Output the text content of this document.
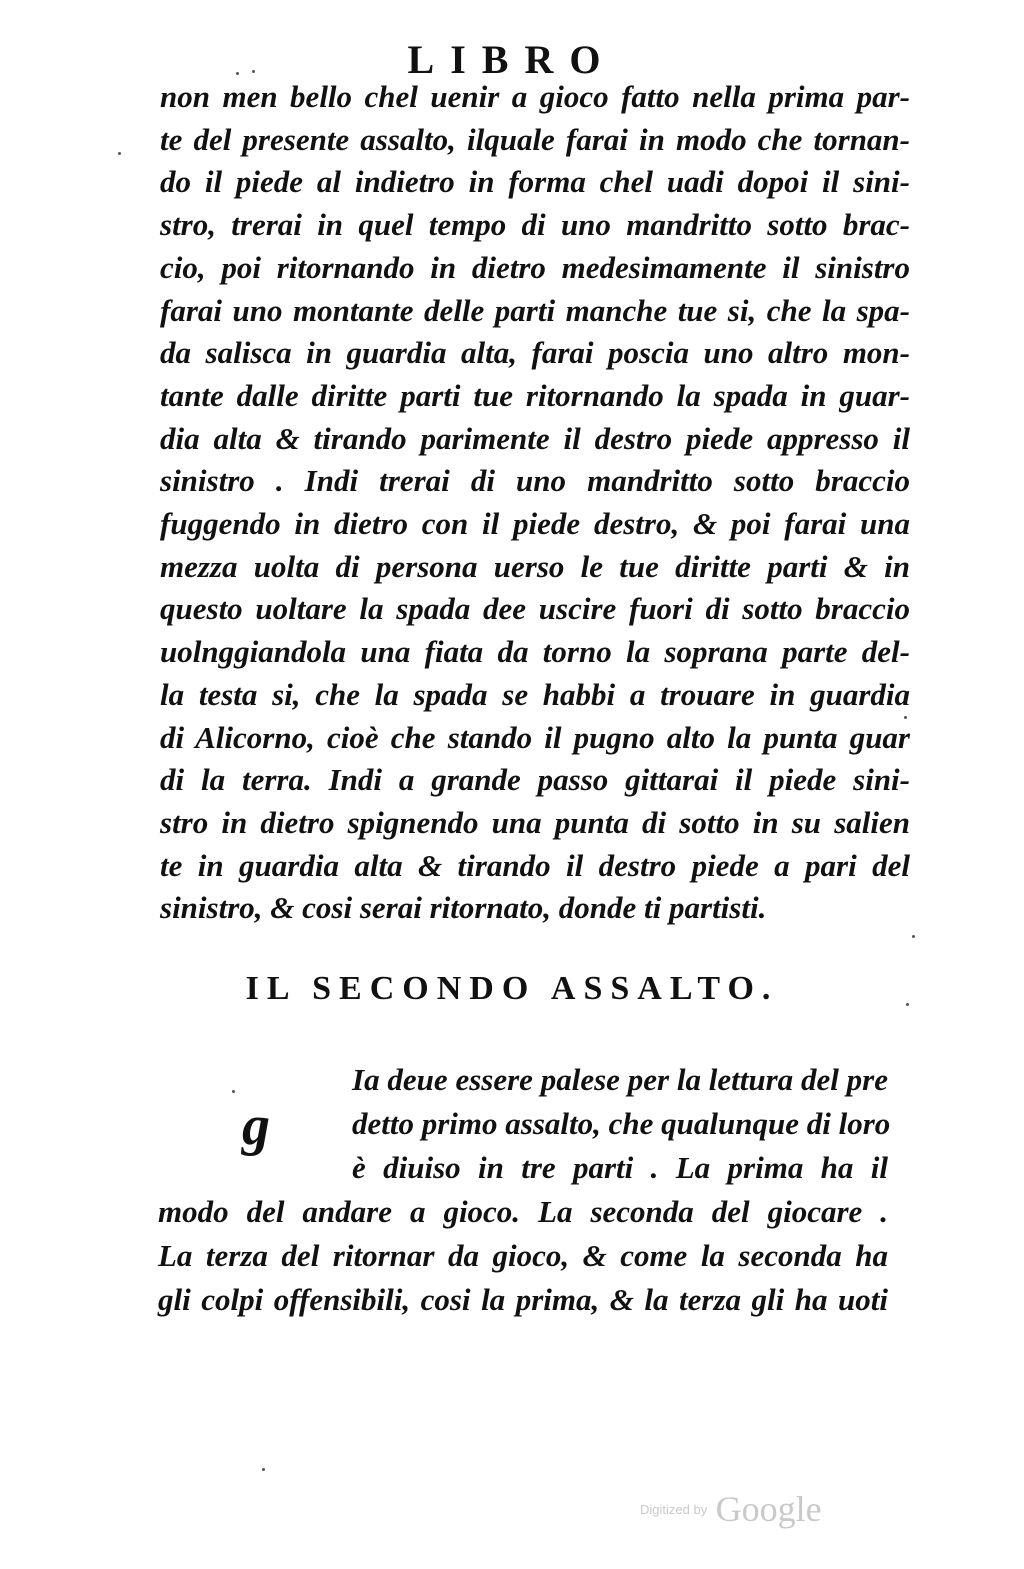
LIBRO
non men bello chel uenir a gioco fatto nella prima par-
te del presente assalto, ilquale farai in modo che tornan-
do il piede al indietro in forma chel uadi dopoi il sini-
stro, trerai in quel tempo di uno mandritto sotto brac-
cio, poi ritornando in dietro medesimamente il sinistro
farai uno montante delle parti manche tue si, che la spa-
da salisca in guardia alta, farai poscia uno altro mon-
tante dalle diritte parti tue ritornando la spada in guar-
dia alta & tirando parimente il destro piede appresso il
sinistro . Indi trerai di uno mandritto sotto braccio
fuggendo in dietro con il piede destro, & poi farai una
mezza uolta di persona uerso le tue diritte parti & in
questo uoltare la spada dee uscire fuori di sotto braccio
uolnggiandola una fiata da torno la soprana parte del-
la testa si, che la spada se habbi a trouare in guardia
di Alicorno, cioè che stando il pugno alto la punta guar
di la terra. Indi a grande passo gittarai il piede sini-
stro in dietro spignendo una punta di sotto in su salien
te in guardia alta & tirando il destro piede a pari del
sinistro, & cosi serai ritornato, donde ti partisti.
IL SECONDO ASSALTO.
g
Ia deue essere palese per la lettura del pre
detto primo assalto, che qualunque di loro
è diuiso in tre parti . La prima ha il
modo del andare a gioco. La seconda del giocare .
La terza del ritornar da gioco, & come la seconda ha
gli colpi offensibili, cosi la prima, & la terza gli ha uoti
Digitized by Google
